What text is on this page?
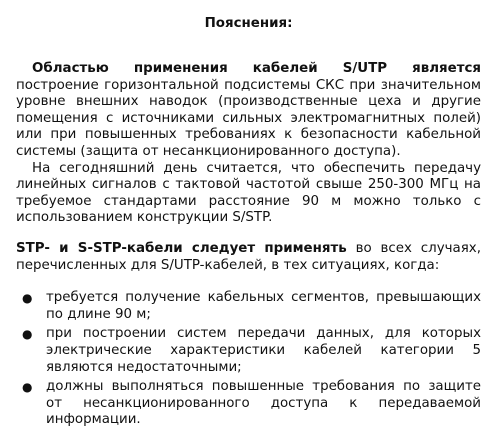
Пояснения:

Областью применения кабелей S/UTP является построение горизонтальной подсистемы СКС при значительном уровне внешних наводок (производственные цеха и другие помещения с источниками сильных электромагнитных полей) или при повышенных требованиях к безопасности кабельной системы (защита от несанкционированного доступа).

На сегодняшний день считается, что обеспечить передачу линейных сигналов с тактовой частотой свыше 250-300 МГц на требуемое стандартами расстояние 90 м можно только с использованием конструкции S/STP.

STP- и S-STP-кабели следует применять во всех случаях, перечисленных для S/UTP-кабелей, в тех ситуациях, когда:

● требуется получение кабельных сегментов, превышающих по длине 90 м;
● при построении систем передачи данных, для которых электрические характеристики кабелей категории 5 являются недостаточными;
● должны выполняться повышенные требования по защите от несанкционированного доступа к передаваемой информации.
